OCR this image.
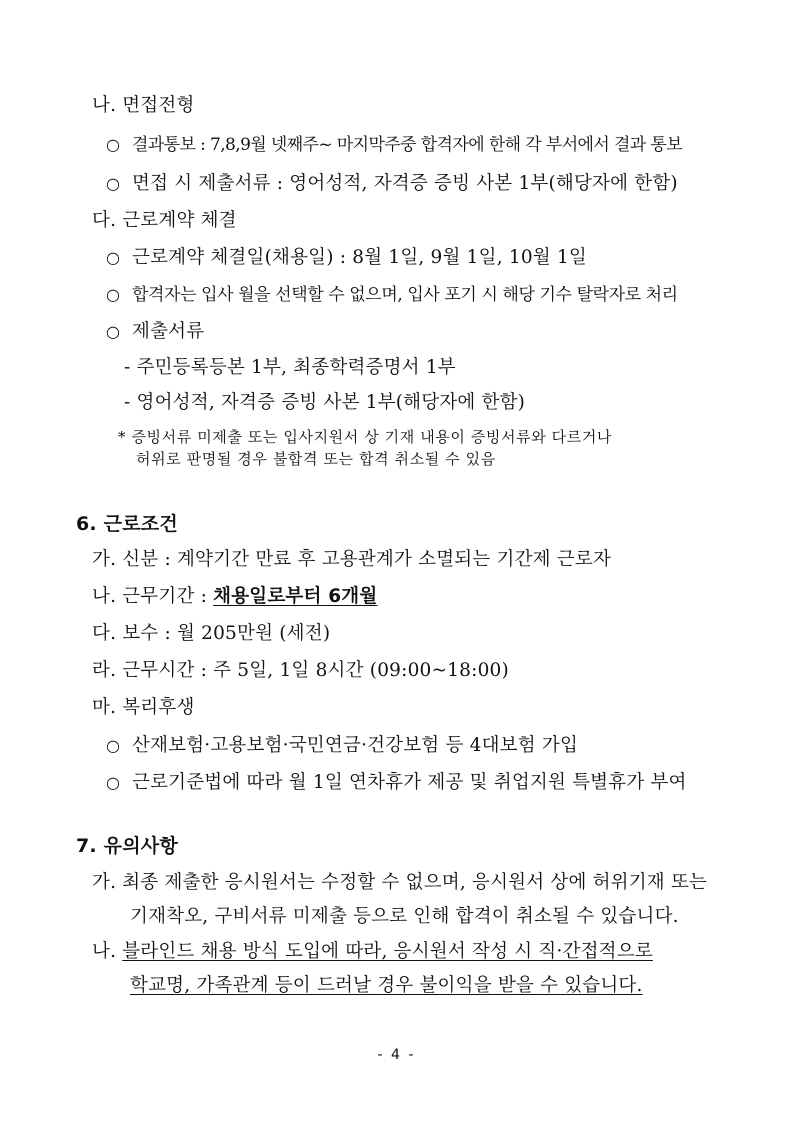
나. 면접전형
○ 결과통보 : 7,8,9월 넷째주~ 마지막주중 합격자에 한해 각 부서에서 결과 통보
○ 면접 시 제출서류 : 영어성적, 자격증 증빙 사본 1부(해당자에 한함)
다. 근로계약 체결
○ 근로계약 체결일(채용일) : 8월 1일, 9월 1일, 10월 1일
○ 합격자는 입사 월을 선택할 수 없으며, 입사 포기 시 해당 기수 탈락자로 처리
○ 제출서류
- 주민등록등본 1부, 최종학력증명서 1부
- 영어성적, 자격증 증빙 사본 1부(해당자에 한함)
* 증빙서류 미제출 또는 입사지원서 상 기재 내용이 증빙서류와 다르거나
허위로 판명될 경우 불합격 또는 합격 취소될 수 있음
6. 근로조건
가. 신분 : 계약기간 만료 후 고용관계가 소멸되는 기간제 근로자
나. 근무기간 : 채용일로부터 6개월
다. 보수 : 월 205만원 (세전)
라. 근무시간 : 주 5일, 1일 8시간 (09:00~18:00)
마. 복리후생
○ 산재보험·고용보험·국민연금·건강보험 등 4대보험 가입
○ 근로기준법에 따라 월 1일 연차휴가 제공 및 취업지원 특별휴가 부여
7. 유의사항
가. 최종 제출한 응시원서는 수정할 수 없으며, 응시원서 상에 허위기재 또는
기재착오, 구비서류 미제출 등으로 인해 합격이 취소될 수 있습니다.
나. 블라인드 채용 방식 도입에 따라, 응시원서 작성 시 직·간접적으로
학교명, 가족관계 등이 드러날 경우 불이익을 받을 수 있습니다.
- 4 -
